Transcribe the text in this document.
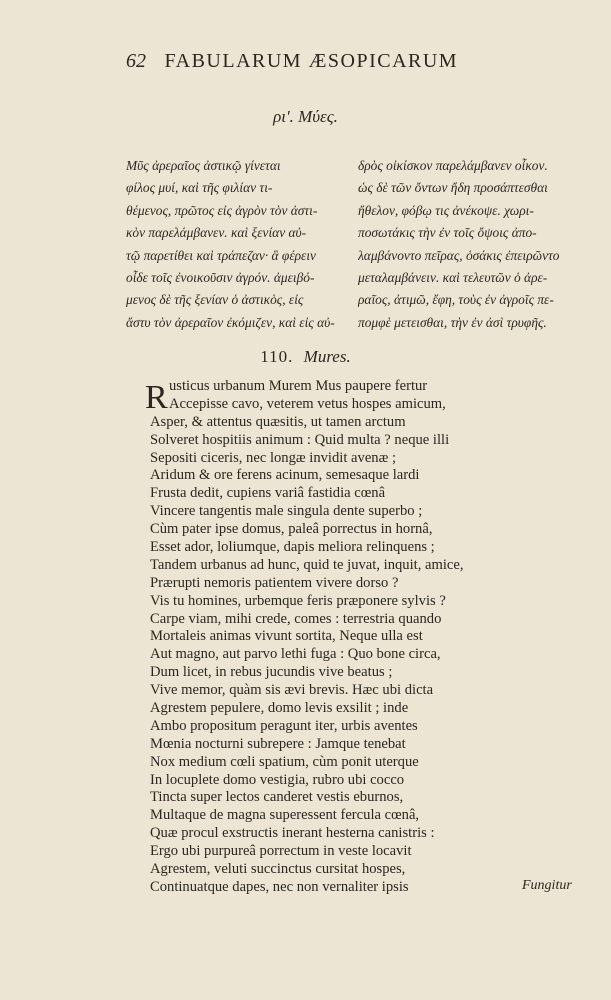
62 FABULARUM ÆSOPICARUM
ρι'. Μύες.
Μῦς ἀρεραῖος ἀστικῷ γίνεται
φίλος μυί, καὶ τῆς φιλίαν τι-
θέμενος, πρῶτος εἰς ἀγρὸν τὸν ἀστι-
κὸν παρελάμβανεν. καὶ ξενίαν αὐ-
τῷ παρετίθει καὶ τράπεζαν· ἃ φέρειν
οἶδε τοῖς ἐνοικοῦσιν ἀγρόν. ἀμειβό-
μενος δὲ τῆς ξενίαν ὁ ἀστικὸς, εἰς
ἄστυ τὸν ἀρεραῖον ἐκόμιζεν, καὶ εἰς αὐ-
δρὸς οἰκίσκον παρελάμβανεν οἶκον.
ὡς δὲ τῶν ὄντων ἤδη προσάπτεσθαι
ἤθελον, φόβῳ τις ἀνέκοψε. χωρι-
ποσωτάκις τὴν ἐν τοῖς ὄψοις ἀπο-
λαμβάνοντο πεῖρας, ὁσάκις ἐπειρῶντο
μεταλαμβάνειν. καὶ τελευτῶν ὁ ἀρε-
ραῖος, ἀτιμῶ, ἔφη, τοὺς ἐν ἀγροῖς πε-
πομφὲ μετεισθαι, τὴν ἐν ἀσὶ τρυφῆς.
110. Mures.
R usticus urbanum Murem Mus paupere fertur
Accepisse cavo, veterem vetus hospes amicum,
Asper, & attentus quæsitis, ut tamen arctum
Solveret hospitiis animum : Quid multa ? neque illi
Sepositi ciceris, nec longæ invidit avenæ ;
Aridum & ore ferens acinum, semesaque lardi
Frusta dedit, cupiens variâ fastidia cœnâ
Vincere tangentis male singula dente superbo ;
Cùm pater ipse domus, paleâ porrectus in hornâ,
Esset ador, loliumque, dapis meliora relinquens ;
Tandem urbanus ad hunc, quid te juvat, inquit, amice,
Prærupti nemoris patientem vivere dorso ?
Vis tu homines, urbemque feris præponere sylvis ?
Carpe viam, mihi crede, comes : terrestria quando
Mortaleis animas vivunt sortita, Neque ulla est
Aut magno, aut parvo lethi fuga : Quo bone circa,
Dum licet, in rebus jucundis vive beatus ;
Vive memor, quàm sis ævi brevis. Hæc ubi dicta
Agrestem pepulere, domo levis exsilit ; inde
Ambo propositum peragunt iter, urbis aventes
Mœnia nocturni subrepere : Jamque tenebat
Nox medium cœli spatium, cùm ponit uterque
In locuplete domo vestigia, rubro ubi cocco
Tincta super lectos canderet vestis eburnos,
Multaque de magna superessent fercula cœnâ,
Quæ procul exstructis inerant hesterna canistris :
Ergo ubi purpureâ porrectum in veste locavit
Agrestem, veluti succinctus cursitat hospes,
Continuatque dapes, nec non vernaliter ipsis	Fungitur
